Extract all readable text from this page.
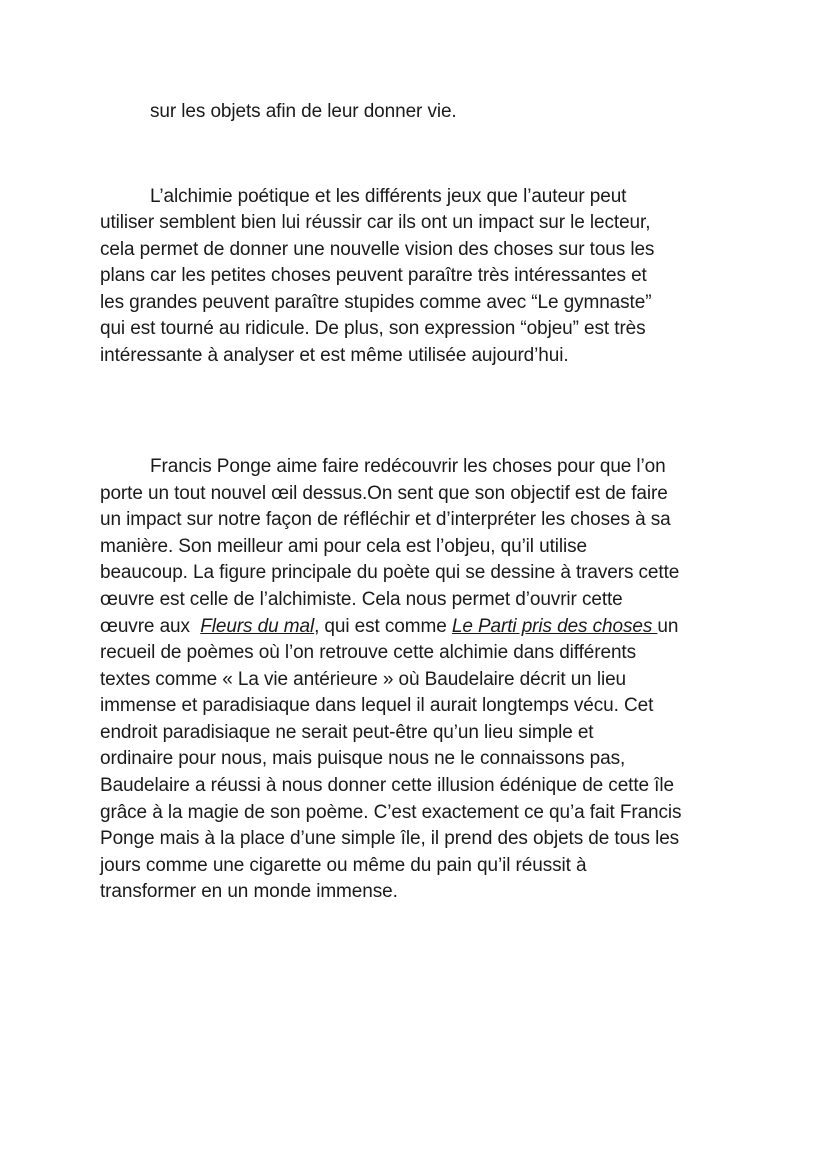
sur les objets afin de leur donner vie.
L’alchimie poétique et les différents jeux que l’auteur peut
utiliser semblent bien lui réussir car ils ont un impact sur le lecteur,
cela permet de donner une nouvelle vision des choses sur tous les
plans car les petites choses peuvent paraître très intéressantes et
les grandes peuvent paraître stupides comme avec “Le gymnaste”
qui est tourné au ridicule. De plus, son expression “objeu” est très
intéressante à analyser et est même utilisée aujourd’hui.
Francis Ponge aime faire redécouvrir les choses pour que l’on
porte un tout nouvel œil dessus.On sent que son objectif est de faire
un impact sur notre façon de réfléchir et d’interpréter les choses à sa
manière. Son meilleur ami pour cela est l’objeu, qu’il utilise
beaucoup. La figure principale du poète qui se dessine à travers cette
œuvre est celle de l’alchimiste. Cela nous permet d’ouvrir cette
œuvre aux  Fleurs du mal, qui est comme Le Parti pris des choses un
recueil de poèmes où l’on retrouve cette alchimie dans différents
textes comme « La vie antérieure » où Baudelaire décrit un lieu
immense et paradisiaque dans lequel il aurait longtemps vécu. Cet
endroit paradisiaque ne serait peut-être qu’un lieu simple et
ordinaire pour nous, mais puisque nous ne le connaissons pas,
Baudelaire a réussi à nous donner cette illusion édénique de cette île
grâce à la magie de son poème. C’est exactement ce qu’a fait Francis
Ponge mais à la place d’une simple île, il prend des objets de tous les
jours comme une cigarette ou même du pain qu’il réussit à
transformer en un monde immense.
